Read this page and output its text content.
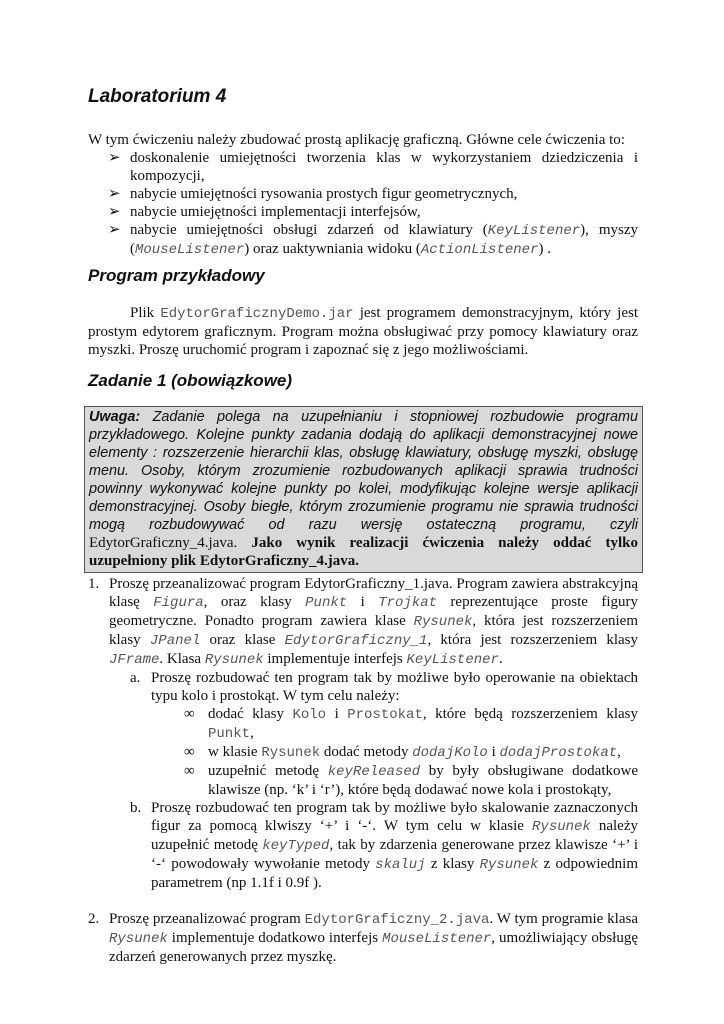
Laboratorium 4

W tym ćwiczeniu należy zbudować prostą aplikację graficzną. Główne cele ćwiczenia to:

➢ doskonalenie umiejętności tworzenia klas w wykorzystaniem dziedziczenia i kompozycji,
➢ nabycie umiejętności rysowania prostych figur geometrycznych,
➢ nabycie umiejętności implementacji interfejsów,
➢ nabycie umiejętności obsługi zdarzeń od klawiatury (KeyListener), myszy (MouseListener) oraz uaktywniania widoku (ActionListener) .
Program przykładowy

Plik EdytorGraficznyDemo.jar jest programem demonstracyjnym, który jest prostym edytorem graficznym. Program można obsługiwać przy pomocy klawiatury oraz myszki. Proszę uruchomić program i zapoznać się z jego możliwościami.

Zadanie 1 (obowiązkowe)
Uwaga: Zadanie polega na uzupełnianiu i stopniowej rozbudowie programu przykładowego. Kolejne punkty zadania dodają do aplikacji demonstracyjnej nowe elementy : rozszerzenie hierarchii klas, obsługę klawiatury, obsługę myszki, obsługę menu. Osoby, którym zrozumienie rozbudowanych aplikacji sprawia trudności powinny wykonywać kolejne punkty po kolei, modyfikując kolejne wersje aplikacji demonstracyjnej. Osoby biegłe, którym zrozumienie programu nie sprawia trudności mogą rozbudowywać od razu wersję ostateczną programu, czyli EdytorGraficzny_4.java. Jako wynik realizacji ćwiczenia należy oddać tylko uzupełniony plik EdytorGraficzny_4.java.
1. Proszę przeanalizować program EdytorGraficzny_1.java. Program zawiera abstrakcyjną klasę Figura, oraz klasy Punkt i Trojkat reprezentujące proste figury geometryczne. Ponadto program zawiera klase Rysunek, która jest rozszerzeniem klasy JPanel oraz klase EdytorGraficzny_1, która jest rozszerzeniem klasy JFrame. Klasa Rysunek implementuje interfejs KeyListener.
a. Proszę rozbudować ten program tak by możliwe było operowanie na obiektach typu kolo i prostokąt. W tym celu należy:
∞ dodać klasy Kolo i Prostokat, które będą rozszerzeniem klasy Punkt,
∞ w klasie Rysunek dodać metody dodajKolo i dodajProstokat,
∞ uzupełnić metodę keyReleased by były obsługiwane dodatkowe klawisze (np. ‘k’ i ‘r’), które będą dodawać nowe kola i prostokąty,
b. Proszę rozbudować ten program tak by możliwe było skalowanie zaznaczonych figur za pomocą klwiszy ‘+’ i ‘-‘. W tym celu w klasie Rysunek należy uzupełnić metodę keyTyped, tak by zdarzenia generowane przez klawisze ‘+’ i ‘-‘ powodowały wywołanie metody skaluj z klasy Rysunek z odpowiednim parametrem (np 1.1f i 0.9f ).
2. Proszę przeanalizować program EdytorGraficzny_2.java. W tym programie klasa Rysunek implementuje dodatkowo interfejs MouseListener, umożliwiający obsługę zdarzeń generowanych przez myszkę.
